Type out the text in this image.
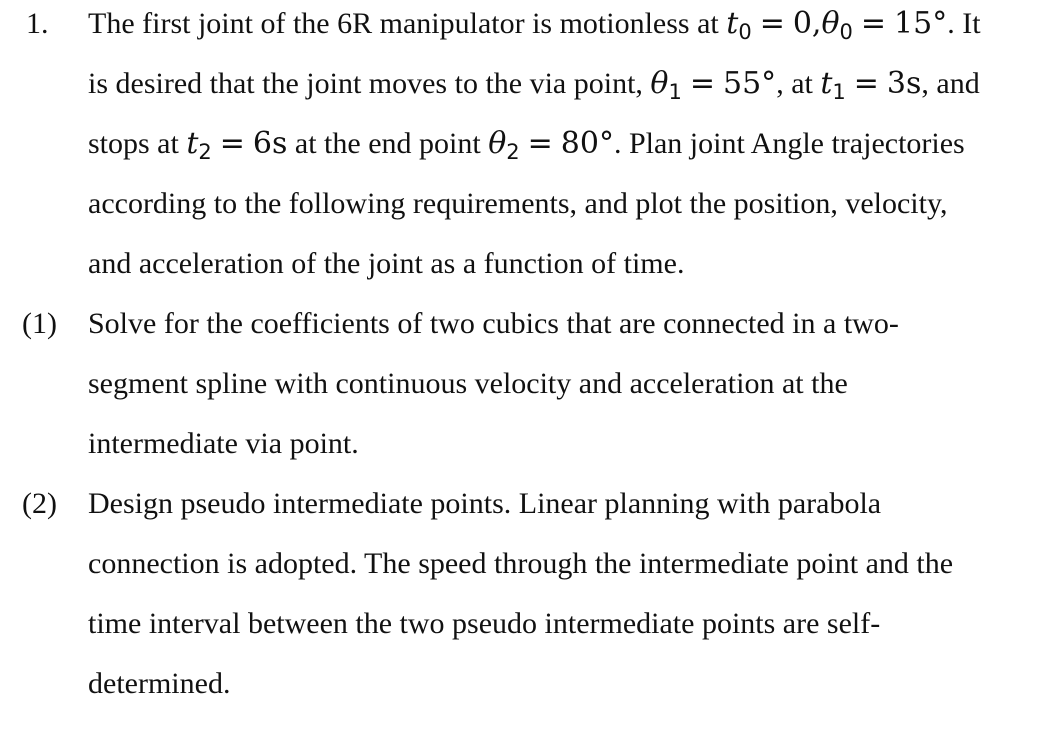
1. The first joint of the 6R manipulator is motionless at $t_0 = 0,\theta_0 = 15^\circ$. It
is desired that the joint moves to the via point, $\theta_1 = 55^\circ$, at $t_1 = 3s$, and
stops at $t_2 = 6s$ at the end point $\theta_2 = 80^\circ$. Plan joint Angle trajectories
according to the following requirements, and plot the position, velocity,
and acceleration of the joint as a function of time.
(1) Solve for the coefficients of two cubics that are connected in a two-
segment spline with continuous velocity and acceleration at the
intermediate via point.
(2) Design pseudo intermediate points. Linear planning with parabola
connection is adopted. The speed through the intermediate point and the
time interval between the two pseudo intermediate points are self-
determined.
